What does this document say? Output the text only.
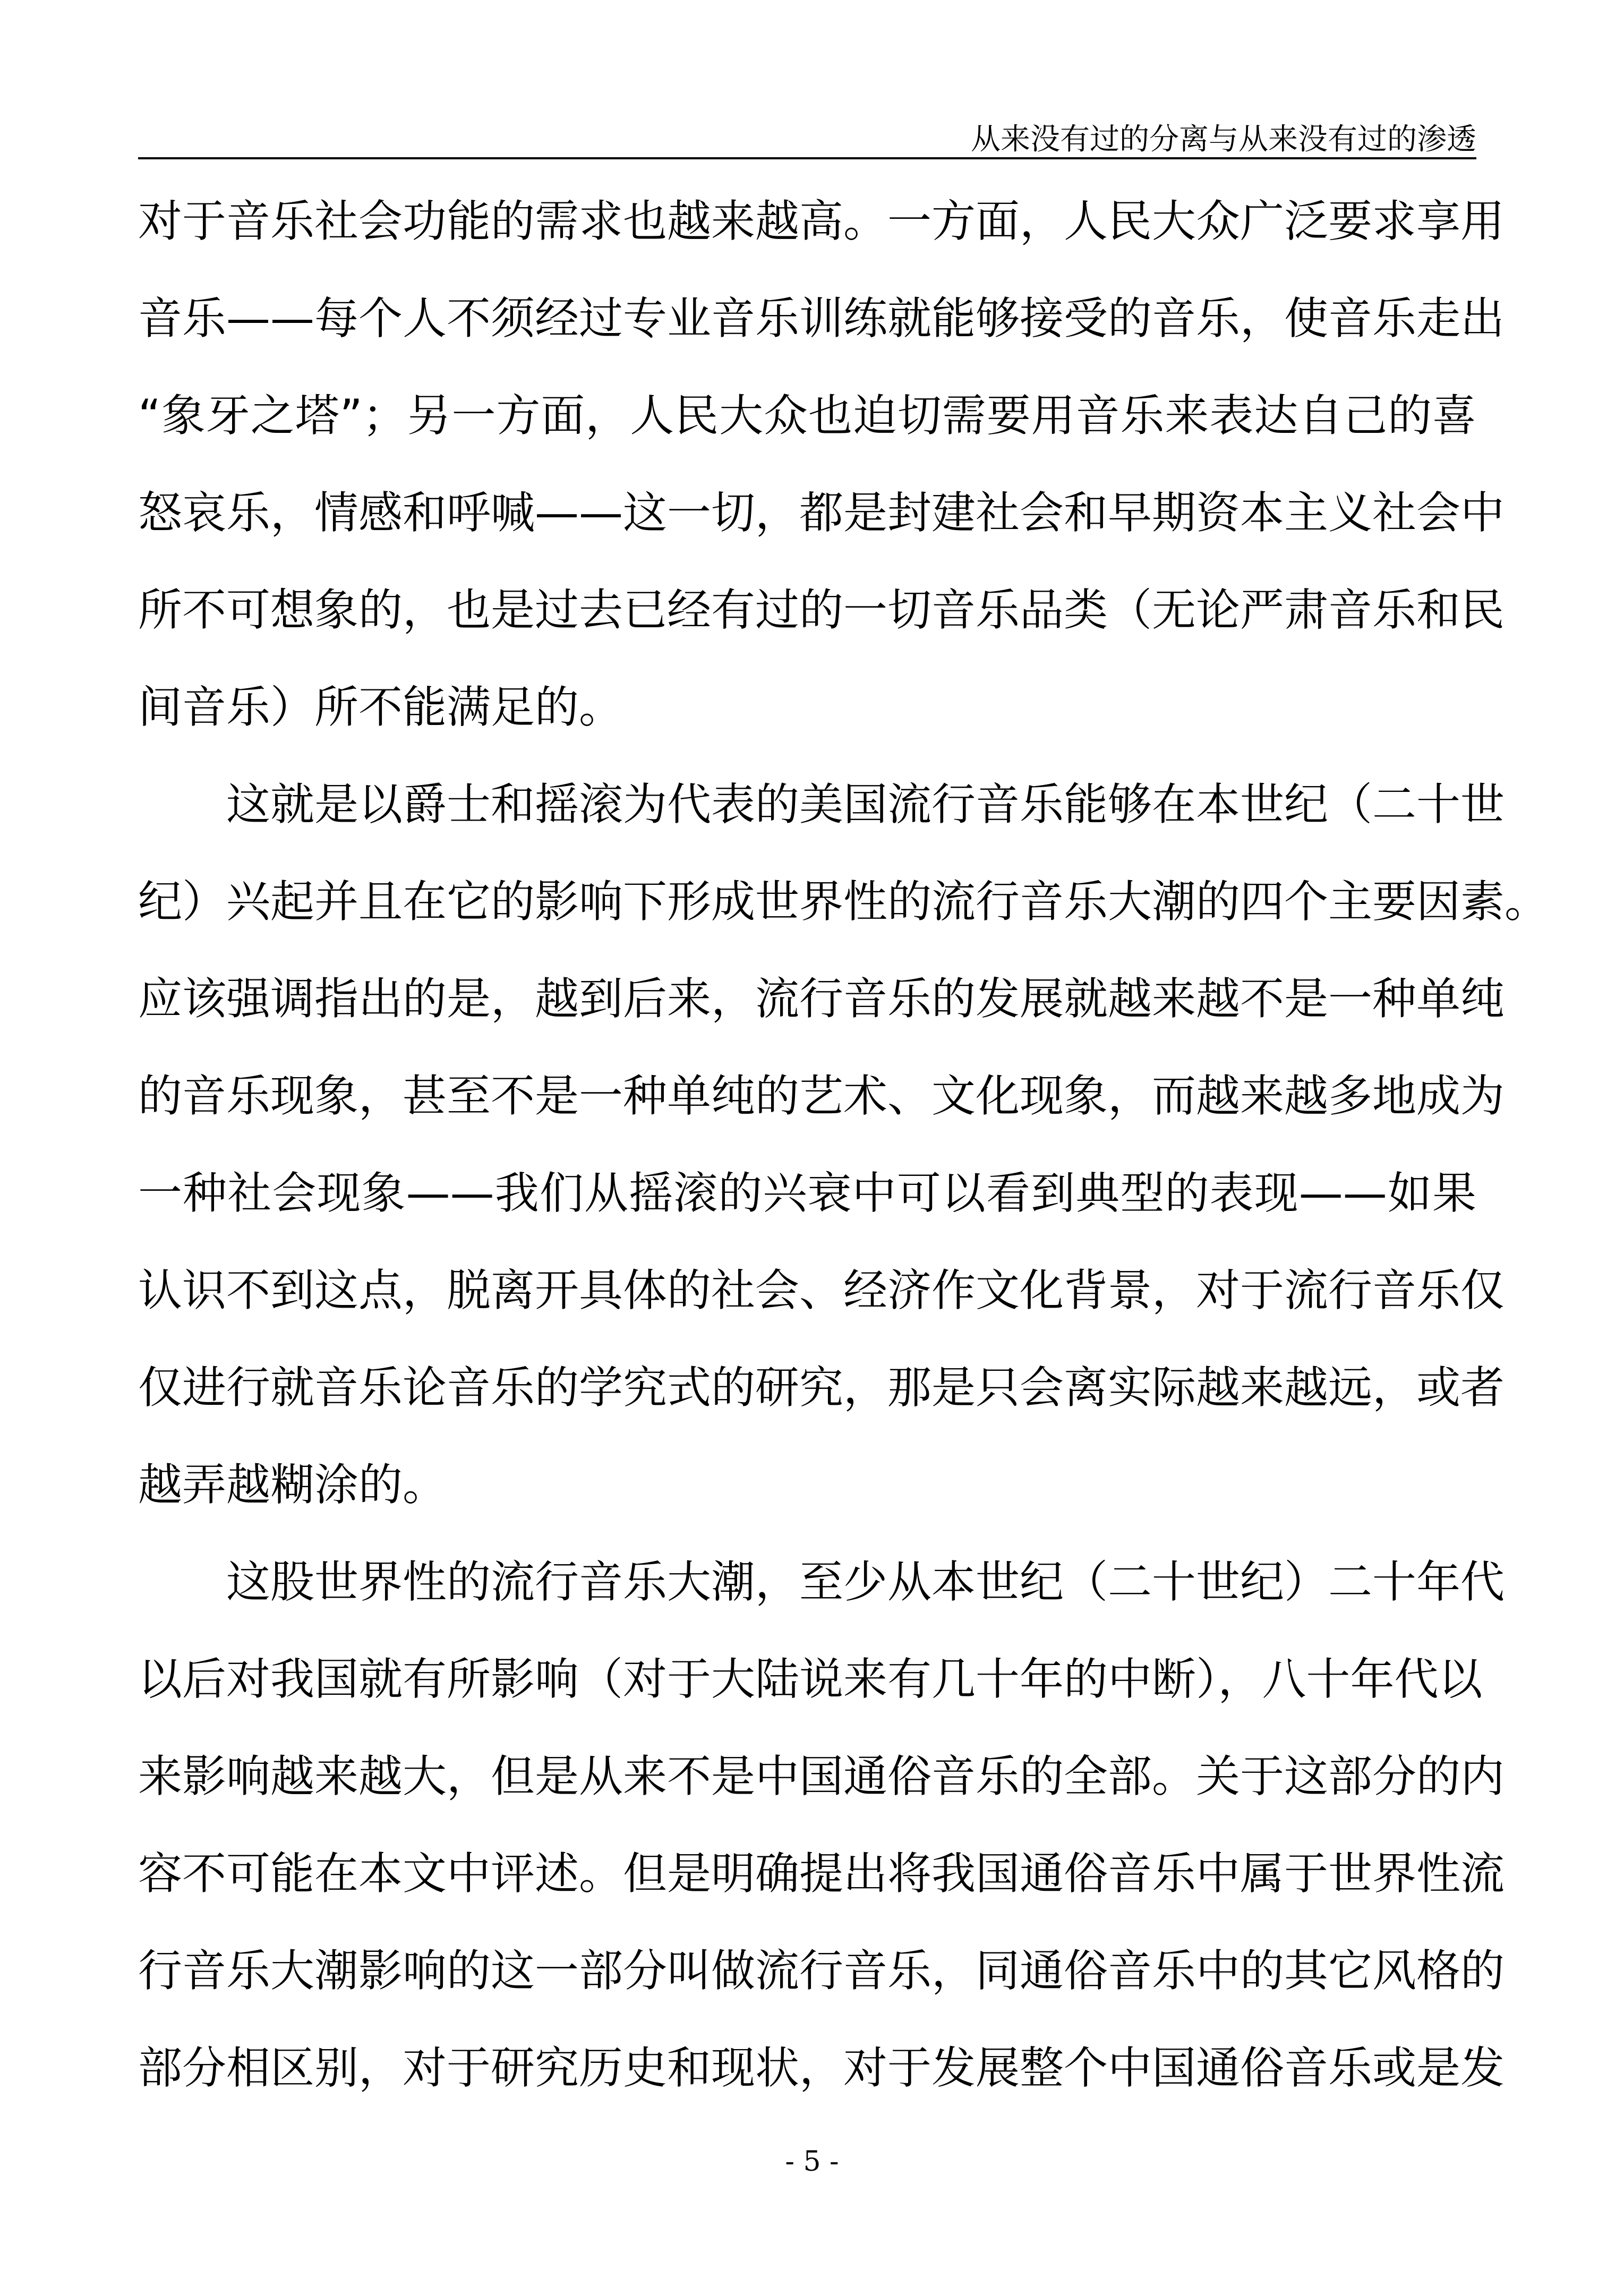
从来没有过的分离与从来没有过的渗透
对于音乐社会功能的需求也越来越高。一方面，人民大众广泛要求享用
音乐——每个人不须经过专业音乐训练就能够接受的音乐，使音乐走出
“象牙之塔”；另一方面，人民大众也迫切需要用音乐来表达自己的喜
怒哀乐，情感和呼喊——这一切，都是封建社会和早期资本主义社会中
所不可想象的，也是过去已经有过的一切音乐品类（无论严肃音乐和民
间音乐）所不能满足的。
这就是以爵士和摇滚为代表的美国流行音乐能够在本世纪（二十世
纪）兴起并且在它的影响下形成世界性的流行音乐大潮的四个主要因素。
应该强调指出的是，越到后来，流行音乐的发展就越来越不是一种单纯
的音乐现象，甚至不是一种单纯的艺术、文化现象，而越来越多地成为
一种社会现象——我们从摇滚的兴衰中可以看到典型的表现——如果
认识不到这点，脱离开具体的社会、经济作文化背景，对于流行音乐仅
仅进行就音乐论音乐的学究式的研究，那是只会离实际越来越远，或者
越弄越糊涂的。
这股世界性的流行音乐大潮，至少从本世纪（二十世纪）二十年代
以后对我国就有所影响（对于大陆说来有几十年的中断），八十年代以
来影响越来越大，但是从来不是中国通俗音乐的全部。关于这部分的内
容不可能在本文中评述。但是明确提出将我国通俗音乐中属于世界性流
行音乐大潮影响的这一部分叫做流行音乐，同通俗音乐中的其它风格的
部分相区别，对于研究历史和现状，对于发展整个中国通俗音乐或是发
- 5 -
